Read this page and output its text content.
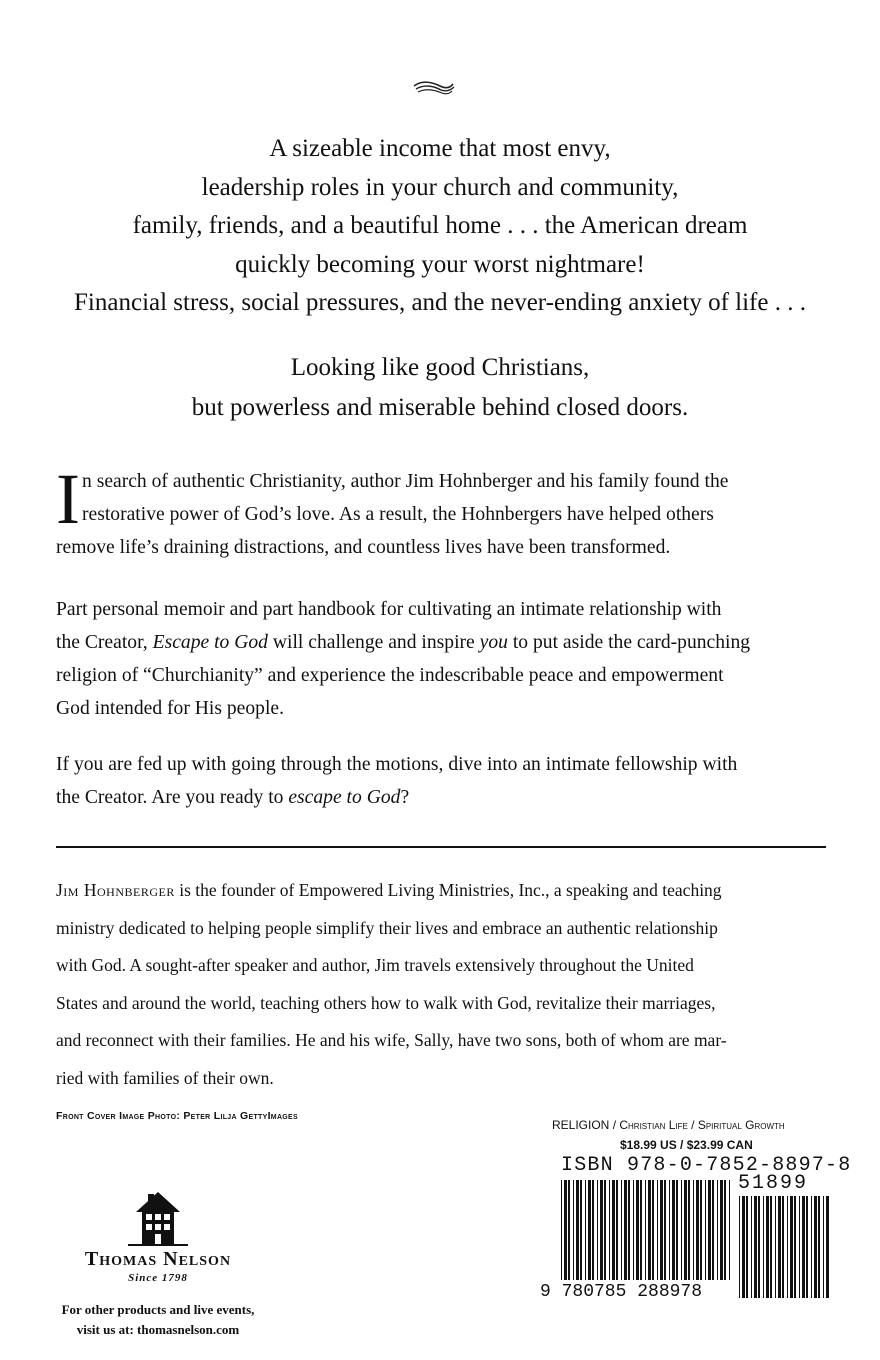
A sizeable income that most envy,
leadership roles in your church and community,
family, friends, and a beautiful home . . . the American dream
quickly becoming your worst nightmare!
Financial stress, social pressures, and the never-ending anxiety of life . . .
Looking like good Christians,
but powerless and miserable behind closed doors.
I n search of authentic Christianity, author Jim Hohnberger and his family found the
restorative power of God’s love. As a result, the Hohnbergers have helped others
remove life’s draining distractions, and countless lives have been transformed.
Part personal memoir and part handbook for cultivating an intimate relationship with
the Creator, Escape to God will challenge and inspire you to put aside the card-punching
religion of “Churchianity” and experience the indescribable peace and empowerment
God intended for His people.
If you are fed up with going through the motions, dive into an intimate fellowship with
the Creator. Are you ready to escape to God?
Jim Hohnberger is the founder of Empowered Living Ministries, Inc., a speaking and teaching
ministry dedicated to helping people simplify their lives and embrace an authentic relationship
with God. A sought-after speaker and author, Jim travels extensively throughout the United
States and around the world, teaching others how to walk with God, revitalize their marriages,
and reconnect with their families. He and his wife, Sally, have two sons, both of whom are mar-
ried with families of their own.
Front Cover Image Photo: Peter Lilja GettyImages
Thomas Nelson
Since 1798
For other products and live events,
visit us at: thomasnelson.com
RELIGION / Christian Life / Spiritual Growth
$18.99 US / $23.99 CAN
ISBN 978-0-7852-8897-8
51899
9 780785 288978
